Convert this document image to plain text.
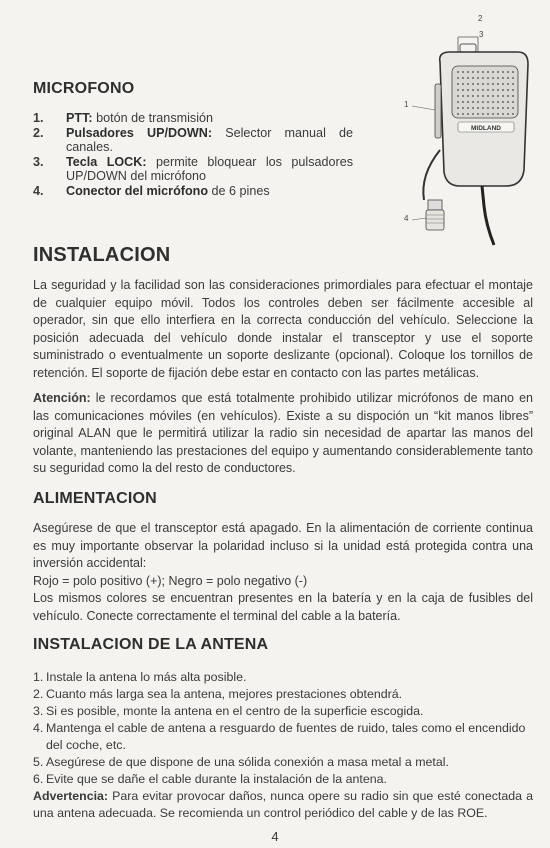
MICROFONO
1.	PTT: botón de transmisión
2.	Pulsadores UP/DOWN: Selector manual de canales.
3.	Tecla LOCK: permite bloquear los pulsadores UP/DOWN del micrófono
4.	Conector del micrófono de 6 pines
MIDLAND
2
3
1
4
INSTALACION

La seguridad y la facilidad son las consideraciones primordiales para efectuar el montaje de cualquier equipo móvil. Todos los controles deben ser fácilmente accesible al operador, sin que ello interfiera en la correcta conducción del vehículo. Seleccione la posición adecuada del vehículo donde instalar el transceptor y use el soporte suministrado o eventualmente un soporte deslizante (opcional). Coloque los tornillos de retención. El soporte de fijación debe estar en contacto con las partes metálicas.

Atención: le recordamos que está totalmente prohibido utilizar micrófonos de mano en las comunicaciones móviles (en vehículos). Existe a su dispoción un “kit manos libres” original ALAN que le permitirá utilizar la radio sin necesidad de apartar las manos del volante, manteniendo las prestaciones del equipo y aumentando considerablemente tanto su seguridad como la del resto de conductores.

ALIMENTACION
Asegúrese de que el transceptor está apagado. En la alimentación de corriente continua es muy importante observar la polaridad incluso si la unidad está protegida contra una inversión accidental:
Rojo = polo positivo (+); Negro = polo negativo (-)
Los mismos colores se encuentran presentes en la batería y en la caja de fusibles del vehículo. Conecte correctamente el terminal del cable a la batería.
INSTALACION DE LA ANTENA
1. Instale la antena lo más alta posible.
2. Cuanto más larga sea la antena, mejores prestaciones obtendrá.
3. Si es posible, monte la antena en el centro de la superficie escogida.
4. Mantenga el cable de antena a resguardo de fuentes de ruido, tales como el encendido del coche, etc.
5. Asegúrese de que dispone de una sólida conexión a masa metal a metal.
6. Evite que se dañe el cable durante la instalación de la antena.
Advertencia: Para evitar provocar daños, nunca opere su radio sin que esté conectada a una antena adecuada. Se recomienda un control periódico del cable y de las ROE.
4
